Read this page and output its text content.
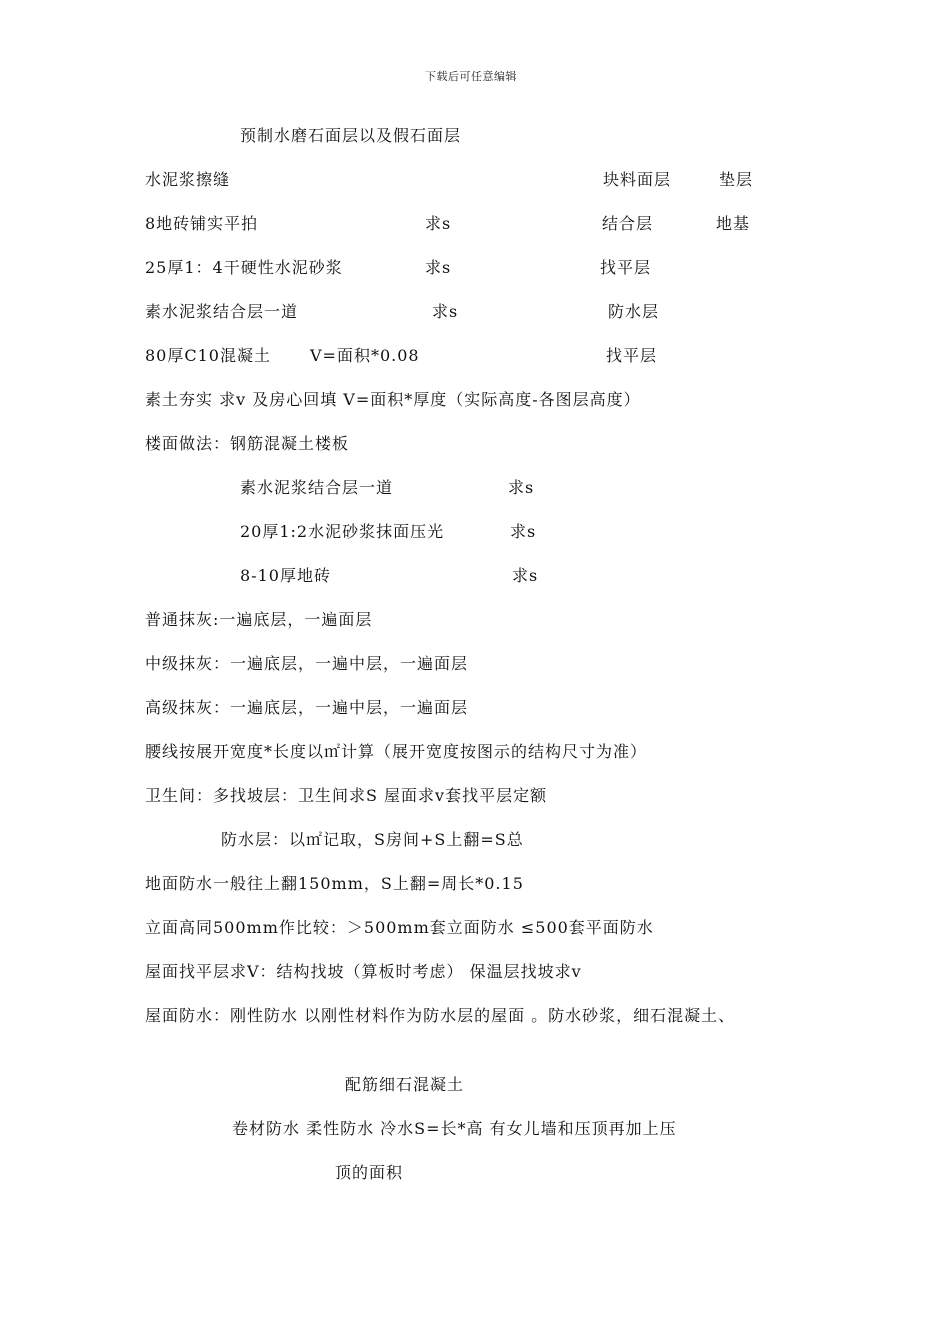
下载后可任意编辑
预制水磨石面层以及假石面层
水泥浆擦缝	块料面层	垫层
8地砖铺实平拍	求s	结合层	地基
25厚1：4干硬性水泥砂浆	求s	找平层
素水泥浆结合层一道	求s	防水层
80厚C10混凝土 V=面积*0.08	找平层
素土夯实 求v 及房心回填 V=面积*厚度（实际高度-各图层高度）
楼面做法：钢筋混凝土楼板
素水泥浆结合层一道	求s
20厚1:2水泥砂浆抹面压光	求s
8-10厚地砖	求s
普通抹灰:一遍底层，一遍面层
中级抹灰：一遍底层，一遍中层，一遍面层
高级抹灰：一遍底层，一遍中层，一遍面层
腰线按展开宽度*长度以㎡计算（展开宽度按图示的结构尺寸为准）
卫生间：多找坡层：卫生间求S 屋面求v套找平层定额
防水层：以㎡记取，S房间+S上翻=S总
地面防水一般往上翻150mm，S上翻=周长*0.15
立面高同500mm作比较：＞500mm套立面防水 ≤500套平面防水
屋面找平层求V：结构找坡（算板时考虑） 保温层找坡求v
屋面防水：刚性防水 以刚性材料作为防水层的屋面 。防水砂浆，细石混凝土、
配筋细石混凝土
卷材防水 柔性防水 冷水S=长*高 有女儿墙和压顶再加上压
顶的面积
